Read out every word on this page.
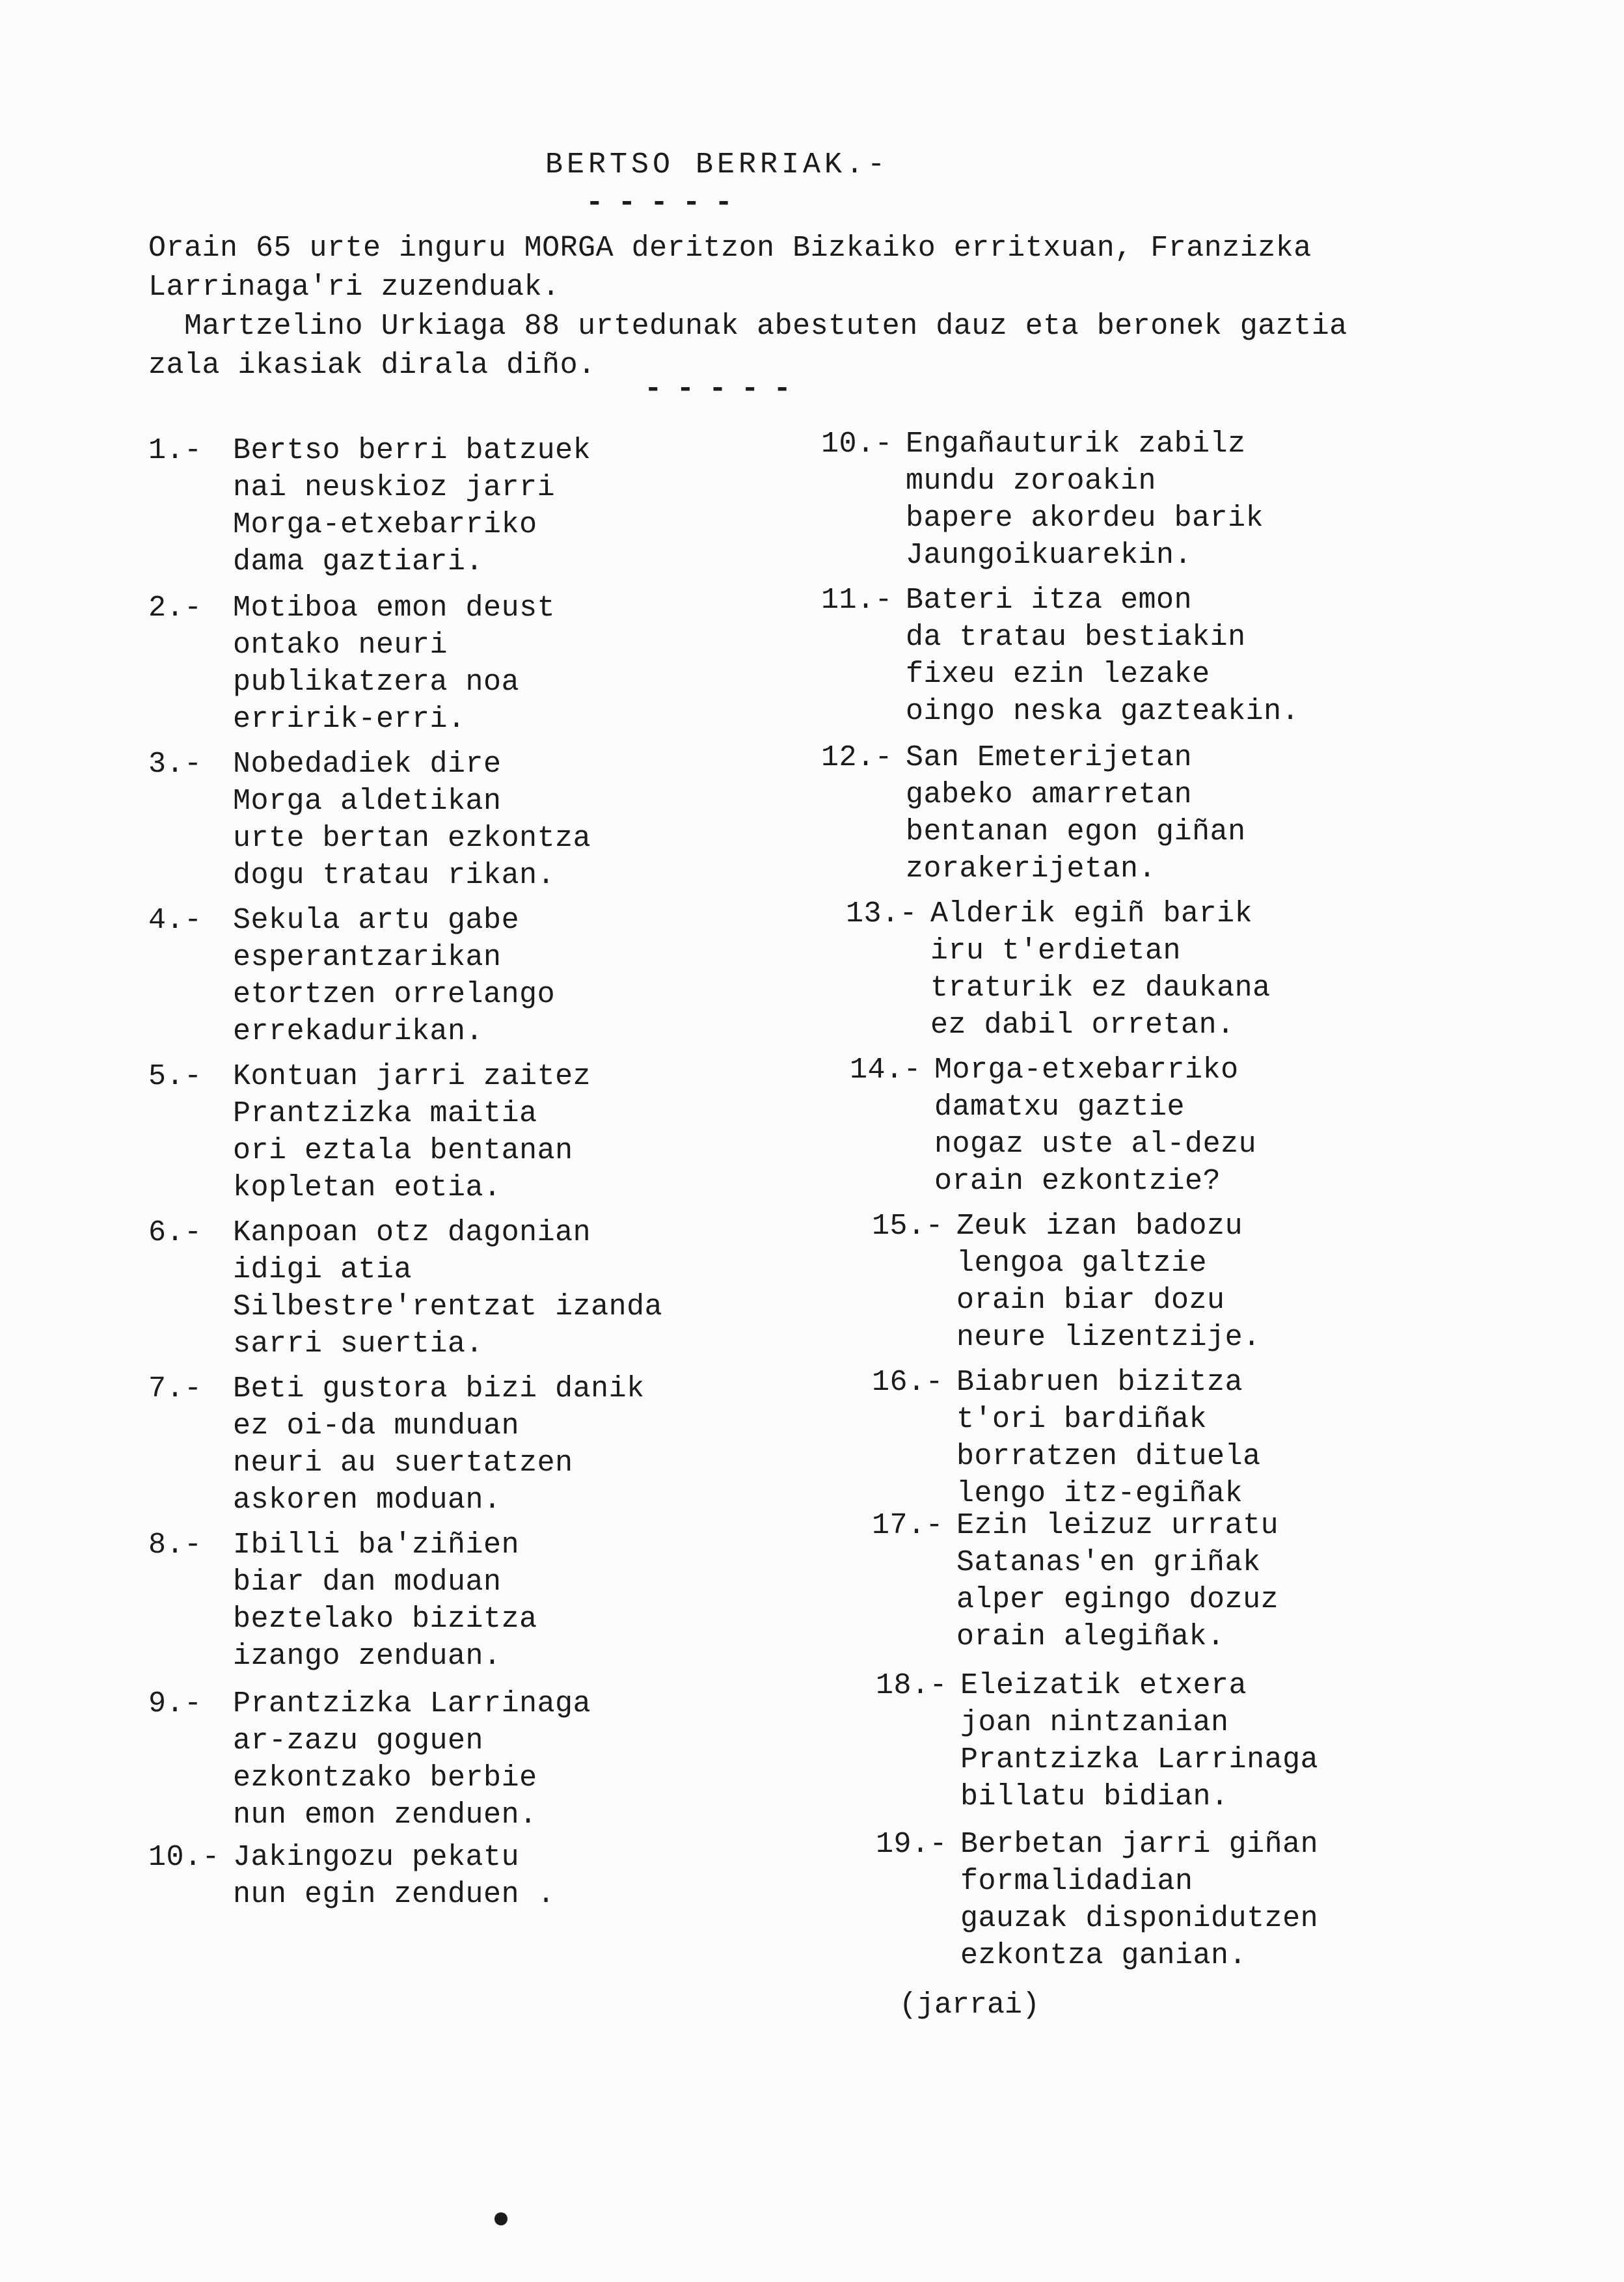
BERTSO BERRIAK.-
-----

Orain 65 urte inguru MORGA deritzon Bizkaiko erritxuan, Franzizka

Larrinaga'ri zuzenduak.

Martzelino Urkiaga 88 urtedunak abestuten dauz eta beronek gaztia

zala ikasiak dirala diño.

-----
1.-	Bertso berri batzuek
nai neuskioz jarri
Morga-etxebarriko
dama gaztiari.
2.-	Motiboa emon deust
ontako neuri
publikatzera noa
erririk-erri.
3.-	Nobedadiek dire
Morga aldetikan
urte bertan ezkontza
dogu tratau rikan.
4.-	Sekula artu gabe
esperantzarikan
etortzen orrelango
errekadurikan.
5.-	Kontuan jarri zaitez
Prantzizka maitia
ori eztala bentanan
kopletan eotia.
6.-	Kanpoan otz dagonian
idigi atia
Silbestre'rentzat izanda
sarri suertia.
7.-	Beti gustora bizi danik
ez oi-da munduan
neuri au suertatzen
askoren moduan.
8.-	Ibilli ba'ziñien
biar dan moduan
beztelako bizitza
izango zenduan.
9.-	Prantzizka Larrinaga
ar-zazu goguen
ezkontzako berbie
nun emon zenduen.
10.- Jakingozu pekatu
nun egin zenduen .
10.- Engañauturik zabilz
mundu zoroakin
bapere akordeu barik
Jaungoikuarekin.
11.- Bateri itza emon
da tratau bestiakin
fixeu ezin lezake
oingo neska gazteakin.
12.- San Emeterijetan
gabeko amarretan
bentanan egon giñan
zorakerijetan.
13.- Alderik egiñ barik
iru t'erdietan
traturik ez daukana
ez dabil orretan.
14.- Morga-etxebarriko
damatxu gaztie
nogaz uste al-dezu
orain ezkontzie?
15.- Zeuk izan badozu
lengoa galtzie
orain biar dozu
neure lizentzije.
16.- Biabruen bizitza
t'ori bardiñak
borratzen dituela
lengo itz-egiñak
17.- Ezin leizuz urratu
Satanas'en griñak
alper egingo dozuz
orain alegiñak.
18.- Eleizatik etxera
joan nintzanian
Prantzizka Larrinaga
billatu bidian.
19.- Berbetan jarri giñan
formalidadian
gauzak disponidutzen
ezkontza ganian.
(jarrai)
